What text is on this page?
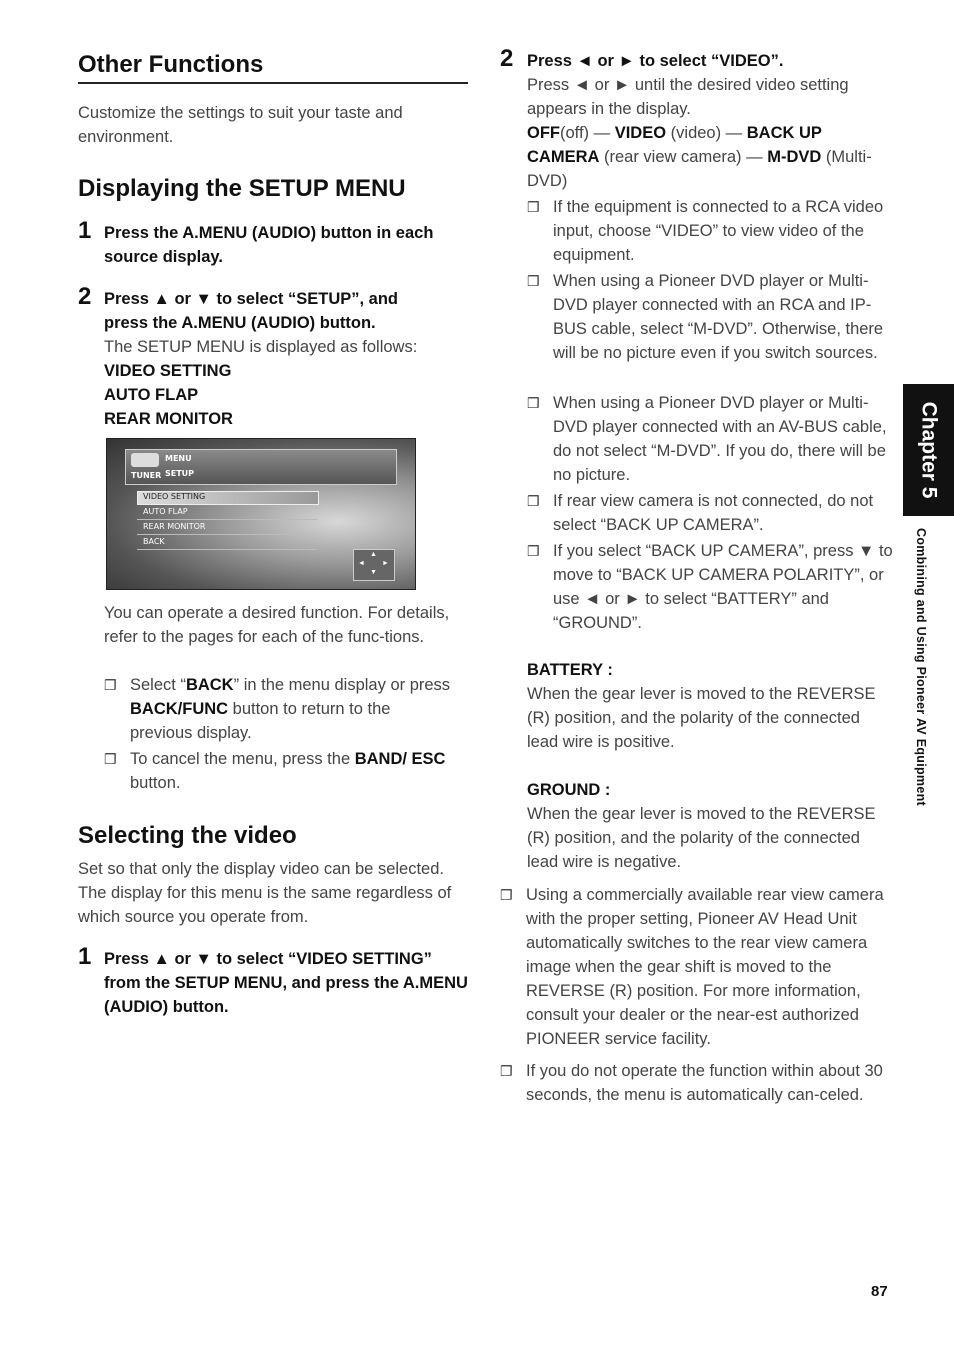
Other Functions

Customize the settings to suit your taste and environment.

Displaying the SETUP MENU
1 Press the A.MENU (AUDIO) button in each source display.
2 Press ▲ or ▼ to select “SETUP”, and press the A.MENU (AUDIO) button.

The SETUP MENU is displayed as follows:

VIDEO SETTING
AUTO FLAP
REAR MONITOR
MENU
TUNER SETUP
VIDEO SETTING
AUTO FLAP
REAR MONITOR
BACK
▲
◄ ►
▼

You can operate a desired function. For details, refer to the pages for each of the func-tions.

❒ Select “BACK” in the menu display or press BACK/FUNC button to return to the previous display.
❒ To cancel the menu, press the BAND/ ESC button.
Selecting the video

Set so that only the display video can be selected. The display for this menu is the same regardless of which source you operate from.

1 Press ▲ or ▼ to select “VIDEO SETTING” from the SETUP MENU, and press the A.MENU (AUDIO) button.
2 Press ◄ or ► to select “VIDEO”.

Press ◄ or ► until the desired video setting appears in the display.

OFF(off) — VIDEO (video) — BACK UP CAMERA (rear view camera) — M-DVD (Multi-DVD)

❒ If the equipment is connected to a RCA video input, choose “VIDEO” to view video of the equipment.
❒ When using a Pioneer DVD player or Multi-DVD player connected with an RCA and IP-BUS cable, select “M-DVD”. Otherwise, there will be no picture even if you switch sources.
❒ When using a Pioneer DVD player or Multi-DVD player connected with an AV-BUS cable, do not select “M-DVD”. If you do, there will be no picture.
❒ If rear view camera is not connected, do not select “BACK UP CAMERA”.
❒ If you select “BACK UP CAMERA”, press ▼ to move to “BACK UP CAMERA POLARITY”, or use ◄ or ► to select “BATTERY” and “GROUND”.
BATTERY :

When the gear lever is moved to the REVERSE (R) position, and the polarity of the connected lead wire is positive.

GROUND :

When the gear lever is moved to the REVERSE (R) position, and the polarity of the connected lead wire is negative.

❒ Using a commercially available rear view camera with the proper setting, Pioneer AV Head Unit automatically switches to the rear view camera image when the gear shift is moved to the REVERSE (R) position. For more information, consult your dealer or the near-est authorized PIONEER service facility.
❒ If you do not operate the function within about 30 seconds, the menu is automatically can-celed.
Chapter 5
Combining and Using Pioneer AV Equipment
87
